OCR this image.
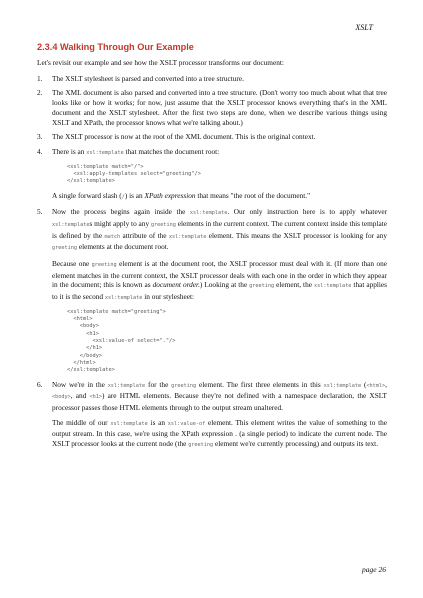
XSLT
2.3.4 Walking Through Our Example

Let's revisit our example and see how the XSLT processor transforms our document:

1. The XSLT stylesheet is parsed and converted into a tree structure.

2. The XML document is also parsed and converted into a tree structure. (Don't worry too much about what that tree looks like or how it works; for now, just assume that the XSLT processor knows everything that's in the XML document and the XSLT stylesheet. After the first two steps are done, when we describe various things using XSLT and XPath, the processor knows what we're talking about.)

3. The XSLT processor is now at the root of the XML document. This is the original context.

4. There is an xsl:template that matches the document root:

<xsl:template match="/">
<xsl:apply-templates select="greeting"/>
</xsl:template>

A single forward slash (/) is an XPath expression that means "the root of the document."

5. Now the process begins again inside the xsl:template. Our only instruction here is to apply whatever xsl:templates might apply to any greeting elements in the current context. The current context inside this template is defined by the match attribute of the xsl:template element. This means the XSLT processor is looking for any greeting elements at the document root.

Because one greeting element is at the document root, the XSLT processor must deal with it. (If more than one element matches in the current context, the XSLT processor deals with each one in the order in which they appear in the document; this is known as document order.) Looking at the greeting element, the xsl:template that applies to it is the second xsl:template in our stylesheet:

<xsl:template match="greeting">
<html>
<body>
<h1>
<xsl:value-of select="."/>
</h1>
</body>
</html>
</xsl:template>
6. Now we're in the xsl:template for the greeting element. The first three elements in this xsl:template (<html>, <body>, and <h1>) are HTML elements. Because they're not defined with a namespace declaration, the XSLT processor passes those HTML elements through to the output stream unaltered.

The middle of our xsl:template is an xsl:value-of element. This element writes the value of something to the output stream. In this case, we're using the XPath expression . (a single period) to indicate the current node. The XSLT processor looks at the current node (the greeting element we're currently processing) and outputs its text.

page 26
